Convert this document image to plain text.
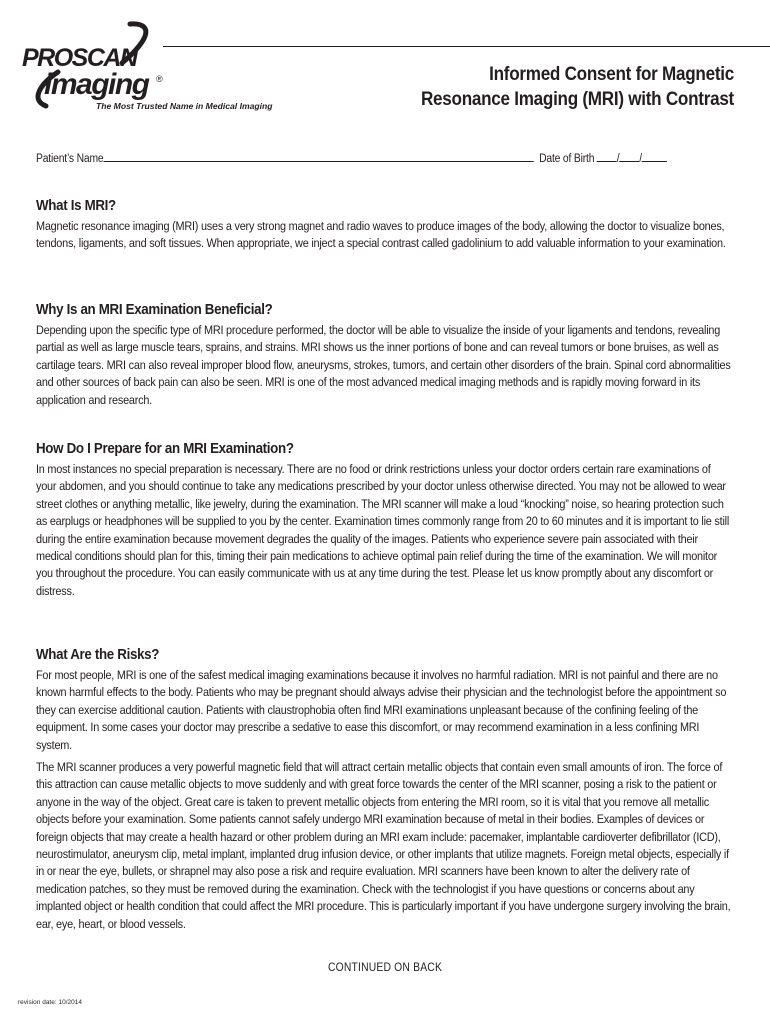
PROSCAN
imaging ®
The Most Trusted Name in Medical Imaging
Informed Consent for Magnetic
Resonance Imaging (MRI) with Contrast
Patient’s Name	Date of Birth / /
What Is MRI?

Magnetic resonance imaging (MRI) uses a very strong magnet and radio waves to produce images of the body, allowing the doctor to visualize bones, tendons, ligaments, and soft tissues. When appropriate, we inject a special contrast called gadolinium to add valuable information to your examination.

Why Is an MRI Examination Beneficial?

Depending upon the specific type of MRI procedure performed, the doctor will be able to visualize the inside of your ligaments and tendons, revealing partial as well as large muscle tears, sprains, and strains. MRI shows us the inner portions of bone and can reveal tumors or bone bruises, as well as cartilage tears. MRI can also reveal improper blood flow, aneurysms, strokes, tumors, and certain other disorders of the brain. Spinal cord abnormalities and other sources of back pain can also be seen. MRI is one of the most advanced medical imaging methods and is rapidly moving forward in its application and research.

How Do I Prepare for an MRI Examination?

In most instances no special preparation is necessary. There are no food or drink restrictions unless your doctor orders certain rare examinations of your abdomen, and you should continue to take any medications prescribed by your doctor unless otherwise directed. You may not be allowed to wear street clothes or anything metallic, like jewelry, during the examination. The MRI scanner will make a loud “knocking” noise, so hearing protection such as earplugs or headphones will be supplied to you by the center. Examination times commonly range from 20 to 60 minutes and it is important to lie still during the entire examination because movement degrades the quality of the images. Patients who experience severe pain associated with their medical conditions should plan for this, timing their pain medications to achieve optimal pain relief during the time of the examination. We will monitor you throughout the procedure. You can easily communicate with us at any time during the test. Please let us know promptly about any discomfort or distress.

What Are the Risks?

For most people, MRI is one of the safest medical imaging examinations because it involves no harmful radiation. MRI is not painful and there are no known harmful effects to the body. Patients who may be pregnant should always advise their physician and the technologist before the appointment so they can exercise additional caution. Patients with claustrophobia often find MRI examinations unpleasant because of the confining feeling of the equipment. In some cases your doctor may prescribe a sedative to ease this discomfort, or may recommend examination in a less confining MRI system.

The MRI scanner produces a very powerful magnetic field that will attract certain metallic objects that contain even small amounts of iron. The force of this attraction can cause metallic objects to move suddenly and with great force towards the center of the MRI scanner, posing a risk to the patient or anyone in the way of the object. Great care is taken to prevent metallic objects from entering the MRI room, so it is vital that you remove all metallic objects before your examination. Some patients cannot safely undergo MRI examination because of metal in their bodies. Examples of devices or foreign objects that may create a health hazard or other problem during an MRI exam include: pacemaker, implantable cardioverter defibrillator (ICD), neurostimulator, aneurysm clip, metal implant, implanted drug infusion device, or other implants that utilize magnets. Foreign metal objects, especially if in or near the eye, bullets, or shrapnel may also pose a risk and require evaluation. MRI scanners have been known to alter the delivery rate of medication patches, so they must be removed during the examination. Check with the technologist if you have questions or concerns about any implanted object or health condition that could affect the MRI procedure. This is particularly important if you have undergone surgery involving the brain, ear, eye, heart, or blood vessels.

CONTINUED ON BACK
revision date: 10/2014
